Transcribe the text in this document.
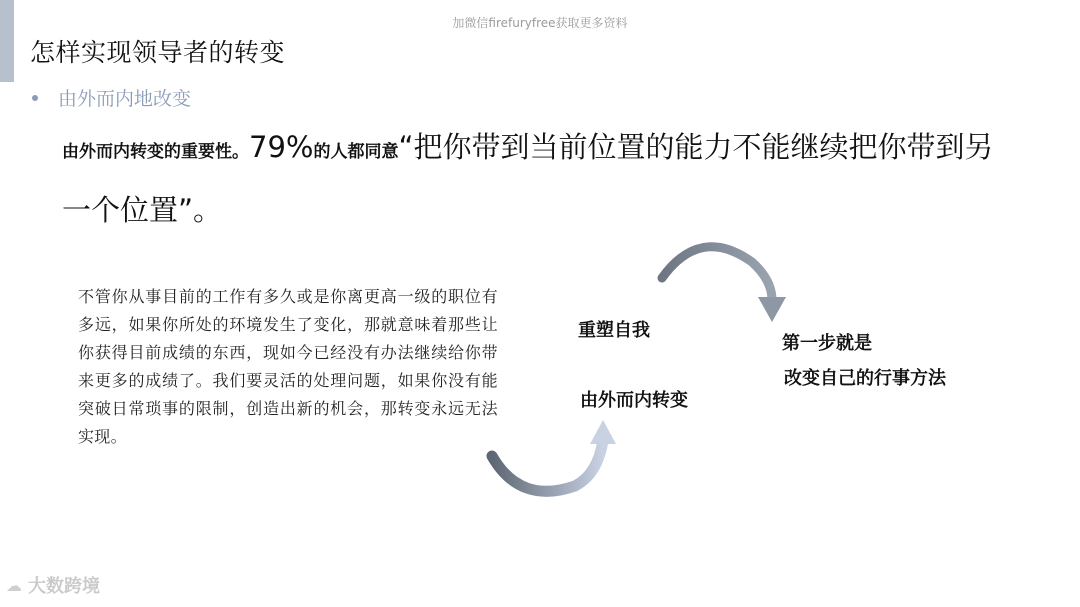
加微信firefuryfree获取更多资料
怎样实现领导者的转变
由外而内地改变
由外而内转变的重要性。79%的人都同意“把你带到当前位置的能力不能继续把你带到另一个位置”。
不管你从事目前的工作有多久或是你离更高一级的职位有多远，如果你所处的环境发生了变化，那就意味着那些让你获得目前成绩的东西，现如今已经没有办法继续给你带来更多的成绩了。我们要灵活的处理问题，如果你没有能突破日常琐事的限制，创造出新的机会，那转变永远无法实现。
重塑自我
由外而内转变
第一步就是
改变自己的行事方法
☁︎ 大数跨境
